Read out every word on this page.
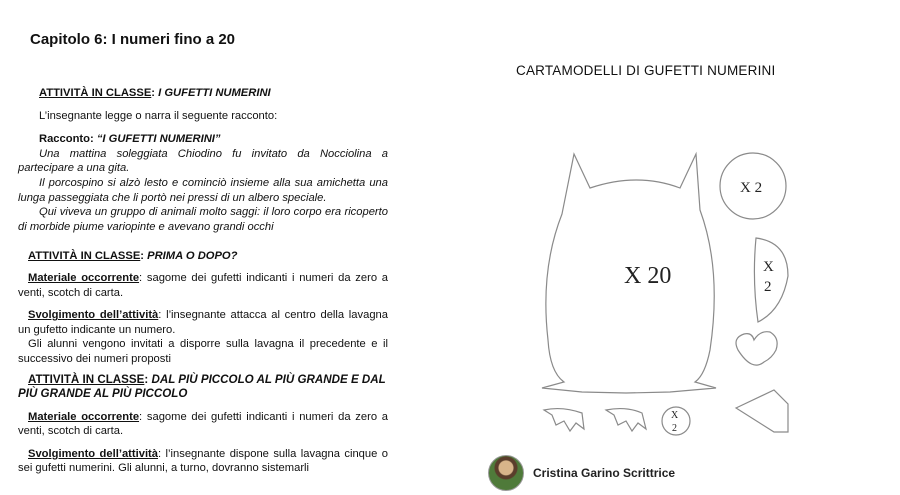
Capitolo 6: I numeri fino a 20
ATTIVITÀ IN CLASSE: I GUFETTI NUMERINI
L’insegnante legge o narra il seguente racconto:
Racconto: “I GUFETTI NUMERINI”
Una mattina soleggiata Chiodino fu invitato da Nocciolina a partecipare a una gita.
Il porcospino si alzò lesto e cominciò insieme alla sua amichetta una lunga passeggiata che li portò nei pressi di un albero speciale.
Qui viveva un gruppo di animali molto saggi: il loro corpo era ricoperto di morbide piume variopinte e avevano grandi occhi
ATTIVITÀ IN CLASSE: PRIMA O DOPO?
Materiale occorrente: sagome dei gufetti indicanti i numeri da zero a venti, scotch di carta.
Svolgimento dell’attività: l’insegnante attacca al centro della lavagna un gufetto indicante un numero.
Gli alunni vengono invitati a disporre sulla lavagna il precedente e il successivo dei numeri proposti
ATTIVITÀ IN CLASSE: DAL PIÙ PICCOLO AL PIÙ GRANDE E DAL PIÙ GRANDE AL PIÙ PICCOLO
Materiale occorrente: sagome dei gufetti indicanti i numeri da zero a venti, scotch di carta.
Svolgimento dell’attività: l’insegnante dispone sulla lavagna cinque o sei gufetti numerini. Gli alunni, a turno, dovranno sistemarli
CARTAMODELLI DI GUFETTI NUMERINI
X 20
X 2
X
2
X
2
Cristina Garino Scrittrice
